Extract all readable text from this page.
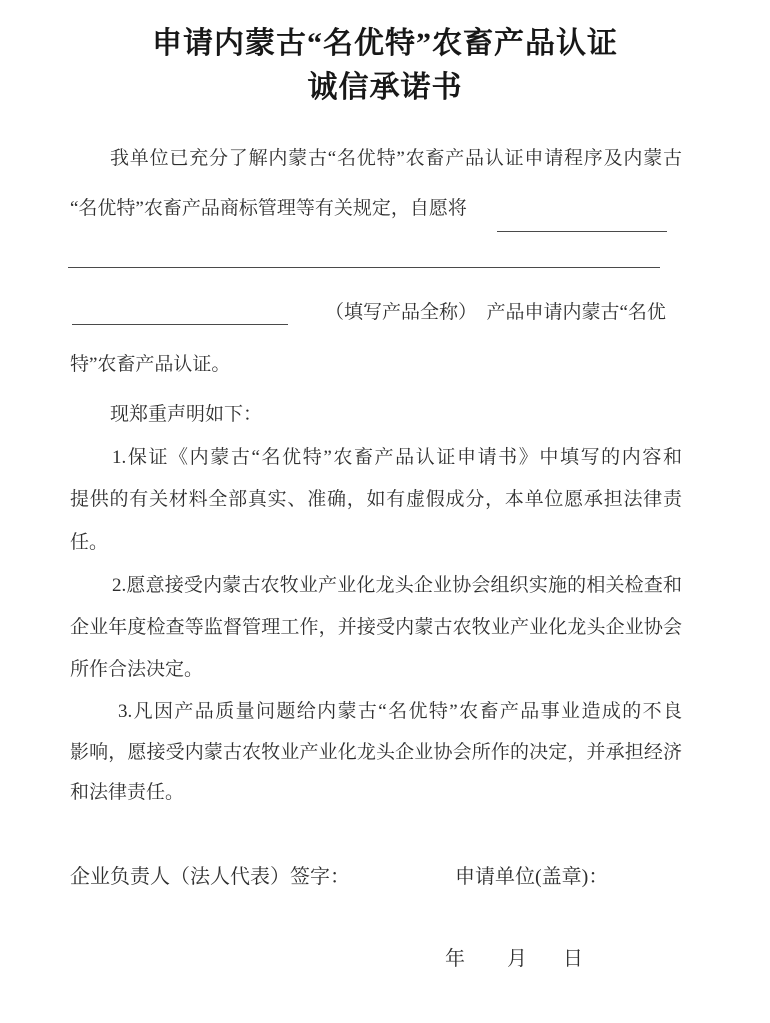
申请内蒙古“名优特”农畜产品认证
诚信承诺书
我单位已充分了解内蒙古“名优特”农畜产品认证申请程序及内蒙古
“名优特”农畜产品商标管理等有关规定，自愿将
（填写产品全称）　产品申请内蒙古“名优
特”农畜产品认证。
现郑重声明如下：
1.保证《内蒙古“名优特”农畜产品认证申请书》中填写的内容和
提供的有关材料全部真实、准确，如有虚假成分，本单位愿承担法律责
任。
2.愿意接受内蒙古农牧业产业化龙头企业协会组织实施的相关检查和
企业年度检查等监督管理工作，并接受内蒙古农牧业产业化龙头企业协会
所作合法决定。
3.凡因产品质量问题给内蒙古“名优特”农畜产品事业造成的不良
影响，愿接受内蒙古农牧业产业化龙头企业协会所作的决定，并承担经济
和法律责任。
企业负责人（法人代表）签字：	申请单位(盖章)：
年 月 日
